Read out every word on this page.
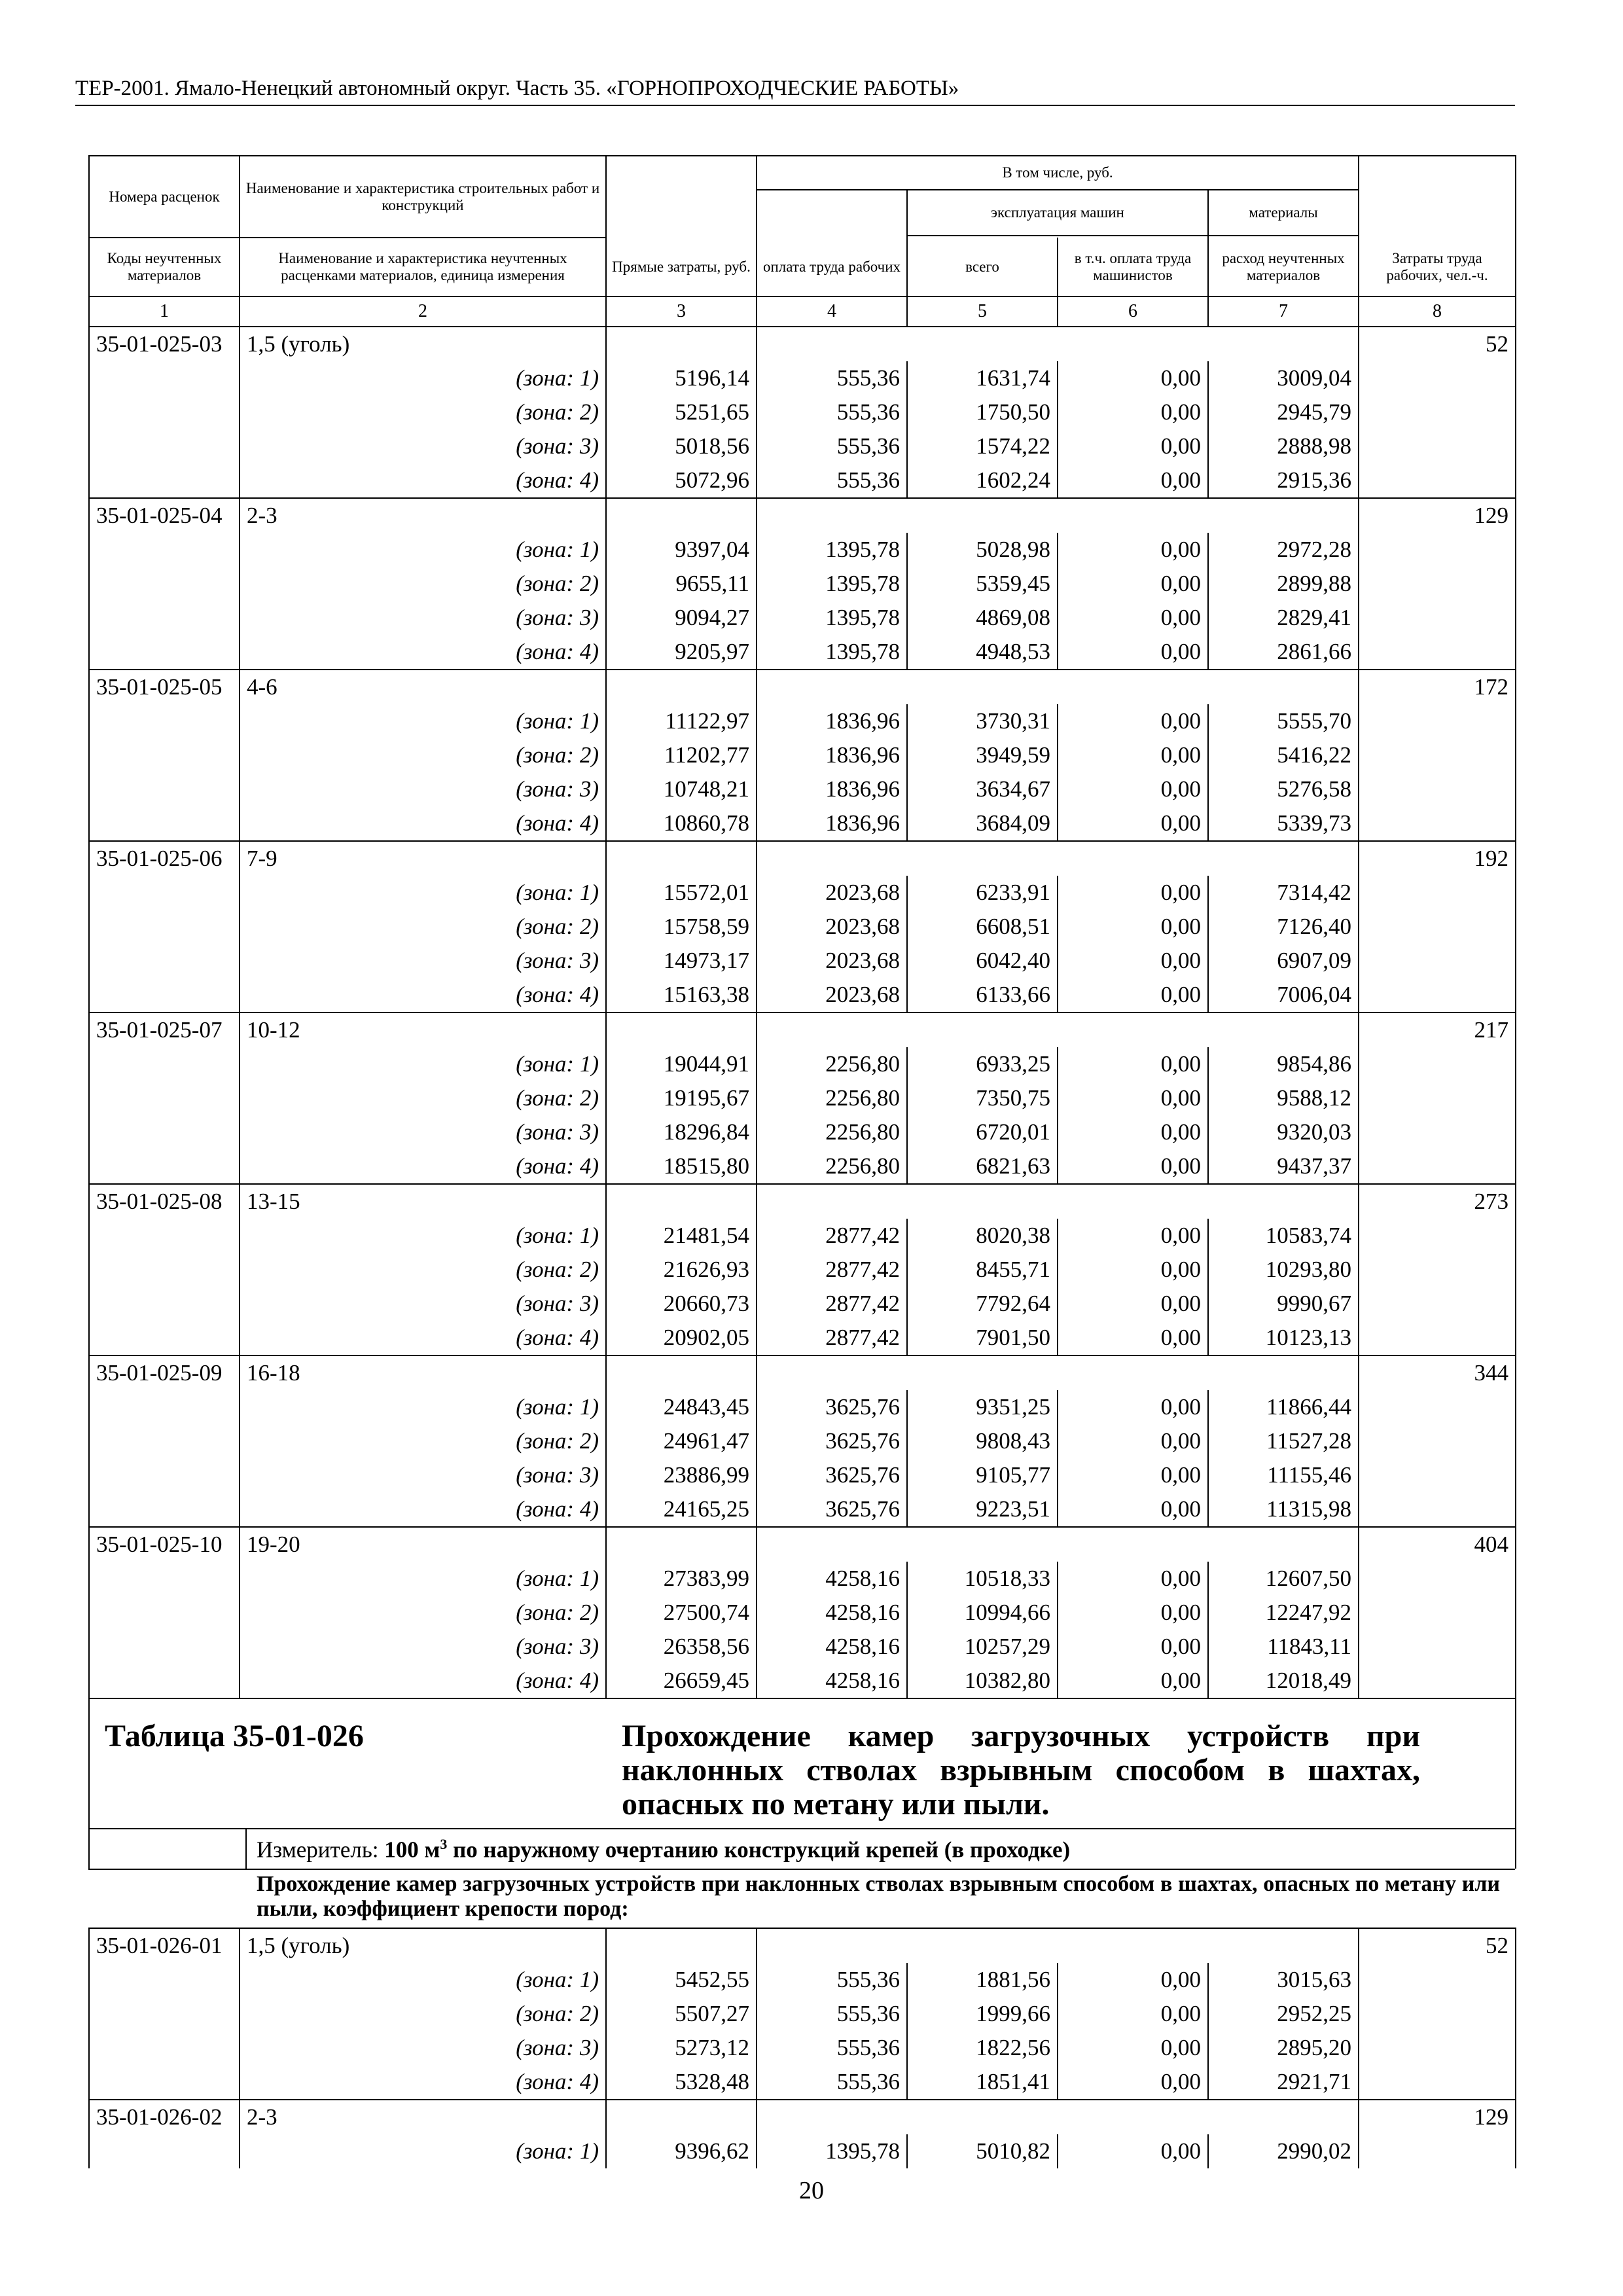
ТЕР-2001. Ямало-Ненецкий автономный округ. Часть 35. «ГОРНОПРОХОДЧЕСКИЕ РАБОТЫ»
Номера расценок	Наименование и характеристика строительных работ и конструкций		В том числе, руб.				
				эксплуатация машин		материалы	

Коды неучтенных материалов	Наименование и характеристика неучтенных расценками материалов, единица измерения	Прямые затраты, руб.	оплата труда рабочих	всего	в т.ч. оплата труда машинистов	расход неучтенных материалов	Затраты труда рабочих, чел.-ч.
1	2	3	4	5	6	7	8
35-01-025-03	1,5 (уголь)						52
	(зона: 1)	5196,14	555,36	1631,74	0,00	3009,04	
	(зона: 2)	5251,65	555,36	1750,50	0,00	2945,79	
	(зона: 3)	5018,56	555,36	1574,22	0,00	2888,98	
	(зона: 4)	5072,96	555,36	1602,24	0,00	2915,36	
35-01-025-04	2-3						129
	(зона: 1)	9397,04	1395,78	5028,98	0,00	2972,28	
	(зона: 2)	9655,11	1395,78	5359,45	0,00	2899,88	
	(зона: 3)	9094,27	1395,78	4869,08	0,00	2829,41	
	(зона: 4)	9205,97	1395,78	4948,53	0,00	2861,66	
35-01-025-05	4-6						172
	(зона: 1)	11122,97	1836,96	3730,31	0,00	5555,70	
	(зона: 2)	11202,77	1836,96	3949,59	0,00	5416,22	
	(зона: 3)	10748,21	1836,96	3634,67	0,00	5276,58	
	(зона: 4)	10860,78	1836,96	3684,09	0,00	5339,73	
35-01-025-06	7-9						192
	(зона: 1)	15572,01	2023,68	6233,91	0,00	7314,42	
	(зона: 2)	15758,59	2023,68	6608,51	0,00	7126,40	
	(зона: 3)	14973,17	2023,68	6042,40	0,00	6907,09	
	(зона: 4)	15163,38	2023,68	6133,66	0,00	7006,04	
35-01-025-07	10-12						217
	(зона: 1)	19044,91	2256,80	6933,25	0,00	9854,86	
	(зона: 2)	19195,67	2256,80	7350,75	0,00	9588,12	
	(зона: 3)	18296,84	2256,80	6720,01	0,00	9320,03	
	(зона: 4)	18515,80	2256,80	6821,63	0,00	9437,37	
35-01-025-08	13-15						273
	(зона: 1)	21481,54	2877,42	8020,38	0,00	10583,74	
	(зона: 2)	21626,93	2877,42	8455,71	0,00	10293,80	
	(зона: 3)	20660,73	2877,42	7792,64	0,00	9990,67	
	(зона: 4)	20902,05	2877,42	7901,50	0,00	10123,13	
35-01-025-09	16-18						344
	(зона: 1)	24843,45	3625,76	9351,25	0,00	11866,44	
	(зона: 2)	24961,47	3625,76	9808,43	0,00	11527,28	
	(зона: 3)	23886,99	3625,76	9105,77	0,00	11155,46	
	(зона: 4)	24165,25	3625,76	9223,51	0,00	11315,98	
35-01-025-10	19-20						404
	(зона: 1)	27383,99	4258,16	10518,33	0,00	12607,50	
	(зона: 2)	27500,74	4258,16	10994,66	0,00	12247,92	
	(зона: 3)	26358,56	4258,16	10257,29	0,00	11843,11	
	(зона: 4)	26659,45	4258,16	10382,80	0,00	12018,49	
Таблица 35-01-026	Прохождение камер загрузочных устройств при наклонных стволах взрывным способом в шахтах, опасных по метану или пыли.
Измеритель: 100 $м^3$ по наружному очертанию конструкций крепей (в проходке)
Прохождение камер загрузочных устройств при наклонных стволах взрывным способом в шахтах, опасных по метану или пыли, коэффициент крепости пород:
35-01-026-01	1,5 (уголь)						52
	(зона: 1)	5452,55	555,36	1881,56	0,00	3015,63	
	(зона: 2)	5507,27	555,36	1999,66	0,00	2952,25	
	(зона: 3)	5273,12	555,36	1822,56	0,00	2895,20	
	(зона: 4)	5328,48	555,36	1851,41	0,00	2921,71	
35-01-026-02	2-3						129
	(зона: 1)	9396,62	1395,78	5010,82	0,00	2990,02	
20
